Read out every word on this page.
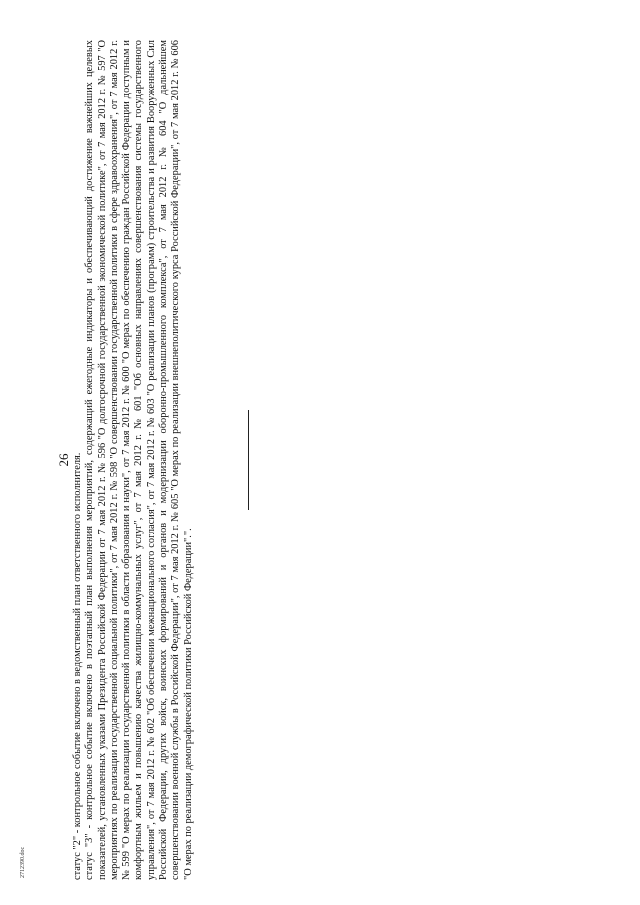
26 статус "2" - контрольное событие включено в ведомственный план ответственного исполнителя. статус "3" - контрольное событие включено в поэтапный план выполнения мероприятий, содержащий ежегодные индикаторы и обеспечивающий достижение важнейших целевых показателей, установленных указами Президента Российской Федерации от 7 мая 2012 г. № 596 "О долгосрочной государственной экономической политике", от 7 мая 2012 г. № 597 "О мероприятиях по реализации государственной социальной политики", от 7 мая 2012 г. № 598 "О совершенствовании государственной политики в сфере здравоохранения", от 7 мая 2012 г. № 599 "О мерах по реализации государственной политики в области образования и науки", от 7 мая 2012 г. № 600 "О мерах по обеспечению граждан Российской Федерации доступным и комфортным жильем и повышению качества жилищно-коммунальных услуг", от 7 мая 2012 г. № 601 "Об основных направлениях совершенствования системы государственного управления", от 7 мая 2012 г. № 602 "Об обеспечении межнационального согласия", от 7 мая 2012 г. № 603 "О реализации планов (программ) строительства и развития Вооруженных Сил Российской Федерации, других войск, воинских формирований и органов и модернизации оборонно-промышленного комплекса", от 7 мая 2012 г. № 604 "О дальнейшем совершенствовании военной службы в Российской Федерации", от 7 мая 2012 г. № 605 "О мерах по реализации внешнеполитического курса Российской Федерации", от 7 мая 2012 г. № 606 "О мерах по реализации демографической политики Российской Федерации".".

2712390.doc
